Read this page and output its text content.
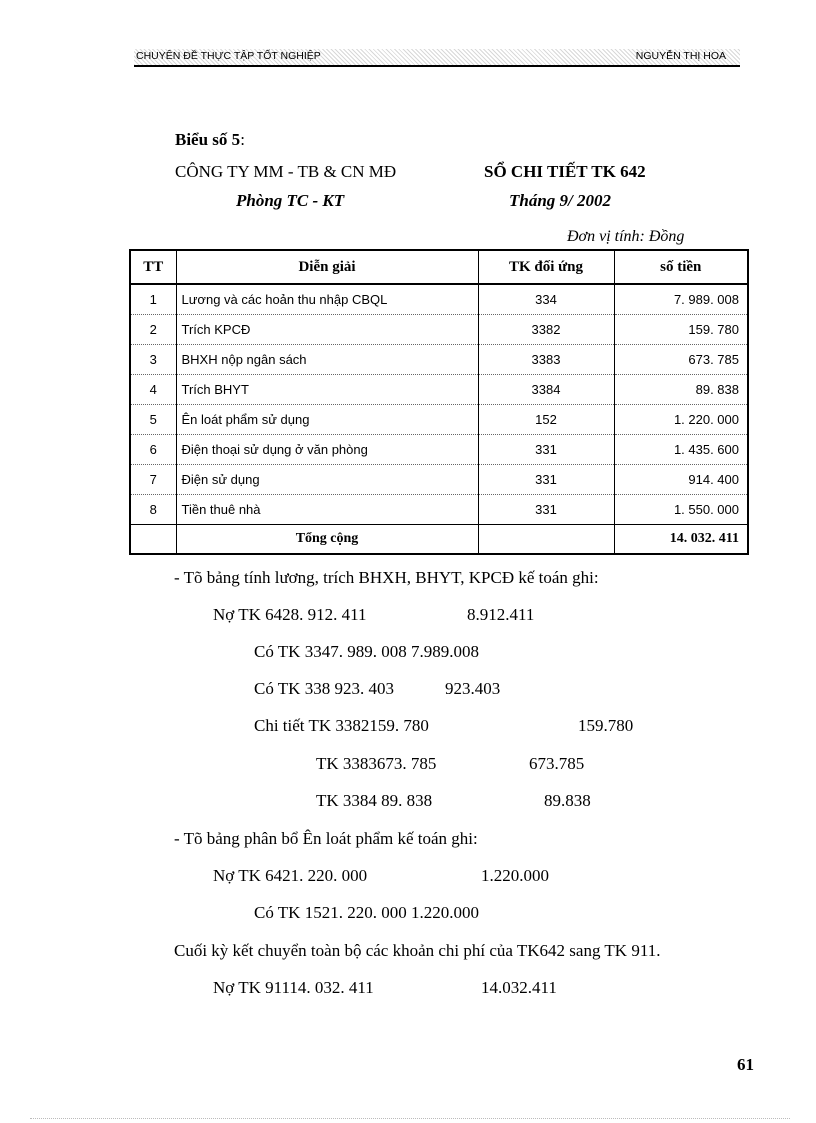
CHUYÊN ĐỀ THỰC TẬP TỐT NGHIỆP	NGUYỄN THỊ HOA
Biểu số 5:
CÔNG TY MM - TB & CN MĐ	SỔ CHI TIẾT TK 642
Phòng TC - KT	Tháng 9/ 2002
Đơn vị tính: Đồng
TT	Diễn giải	TK đối ứng	số tiền
1	Lương và các hoản thu nhập CBQL	334	7. 989. 008
2	Trích KPCĐ	3382	159. 780
3	BHXH nộp ngân sách	3383	673. 785
4	Trích BHYT	3384	89. 838
5	Ên loát phẩm sử dụng	152	1. 220. 000
6	Điện thoại sử dụng ở văn phòng	331	1. 435. 600
7	Điện sử dụng	331	914. 400
8	Tiền thuê nhà	331	1. 550. 000
	Tổng cộng		14. 032. 411
- Tõ bảng tính lương, trích BHXH, BHYT, KPCĐ kế toán ghi:
Nợ TK 6428. 912. 411	8.912.411
Có TK 3347. 989. 008 7.989.008
Có TK 338 923. 403	923.403
Chi tiết TK 3382159. 780	159.780
TK 3383673. 785	673.785
TK 3384 89. 838	89.838
- Tõ bảng phân bổ Ên loát phẩm kế toán ghi:
Nợ TK 6421. 220. 000	1.220.000
Có TK 1521. 220. 000 1.220.000
Cuối kỳ kết chuyển toàn bộ các khoản chi phí của TK642 sang TK 911.
Nợ TK 91114. 032. 411	14.032.411
61
